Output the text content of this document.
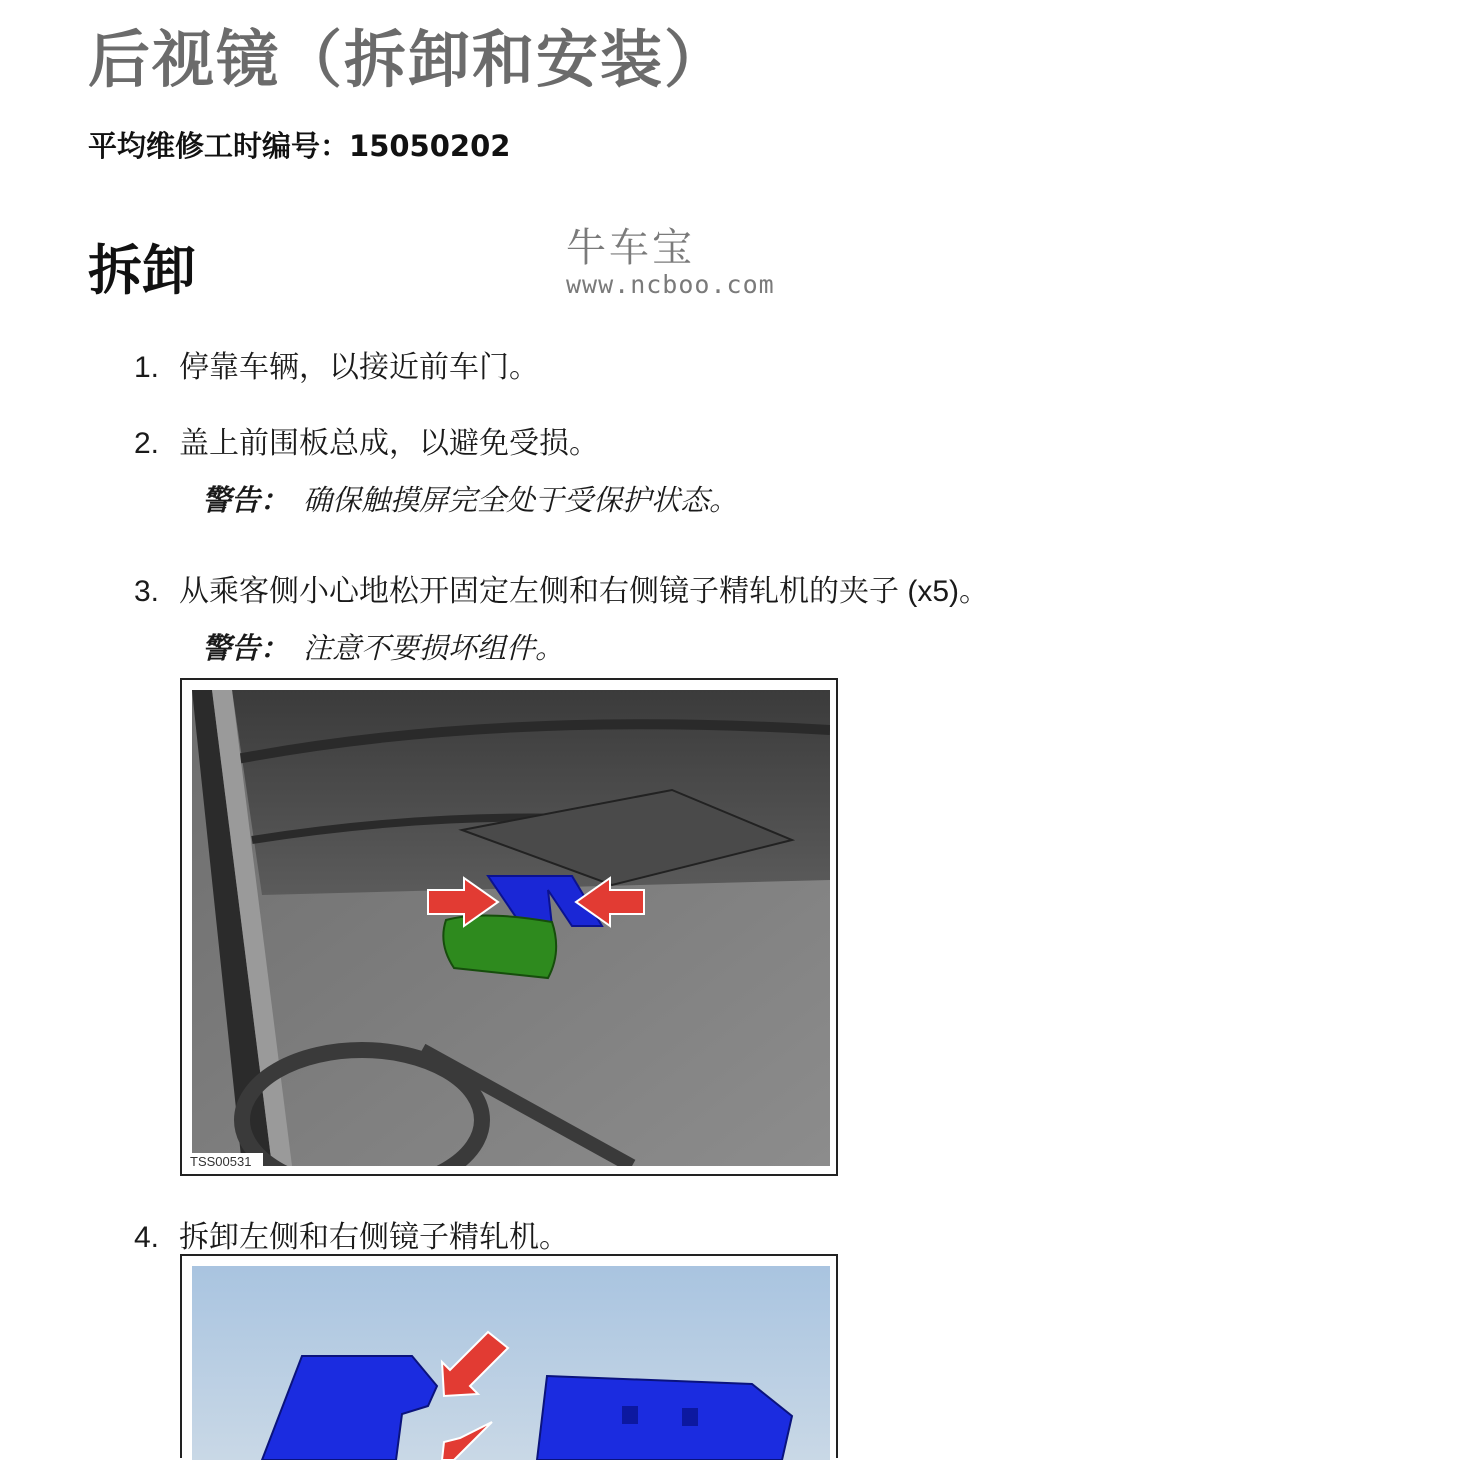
后视镜（拆卸和安装）
平均维修工时编号：15050202
拆卸	牛车宝
www.ncboo.com
1. 停靠车辆，以接近前车门。
2. 盖上前围板总成，以避免受损。
警告： 确保触摸屏完全处于受保护状态。
3. 从乘客侧小心地松开固定左侧和右侧镜子精轧机的夹子 (x5)。
警告： 注意不要损坏组件。
TSS00531
4. 拆卸左侧和右侧镜子精轧机。
